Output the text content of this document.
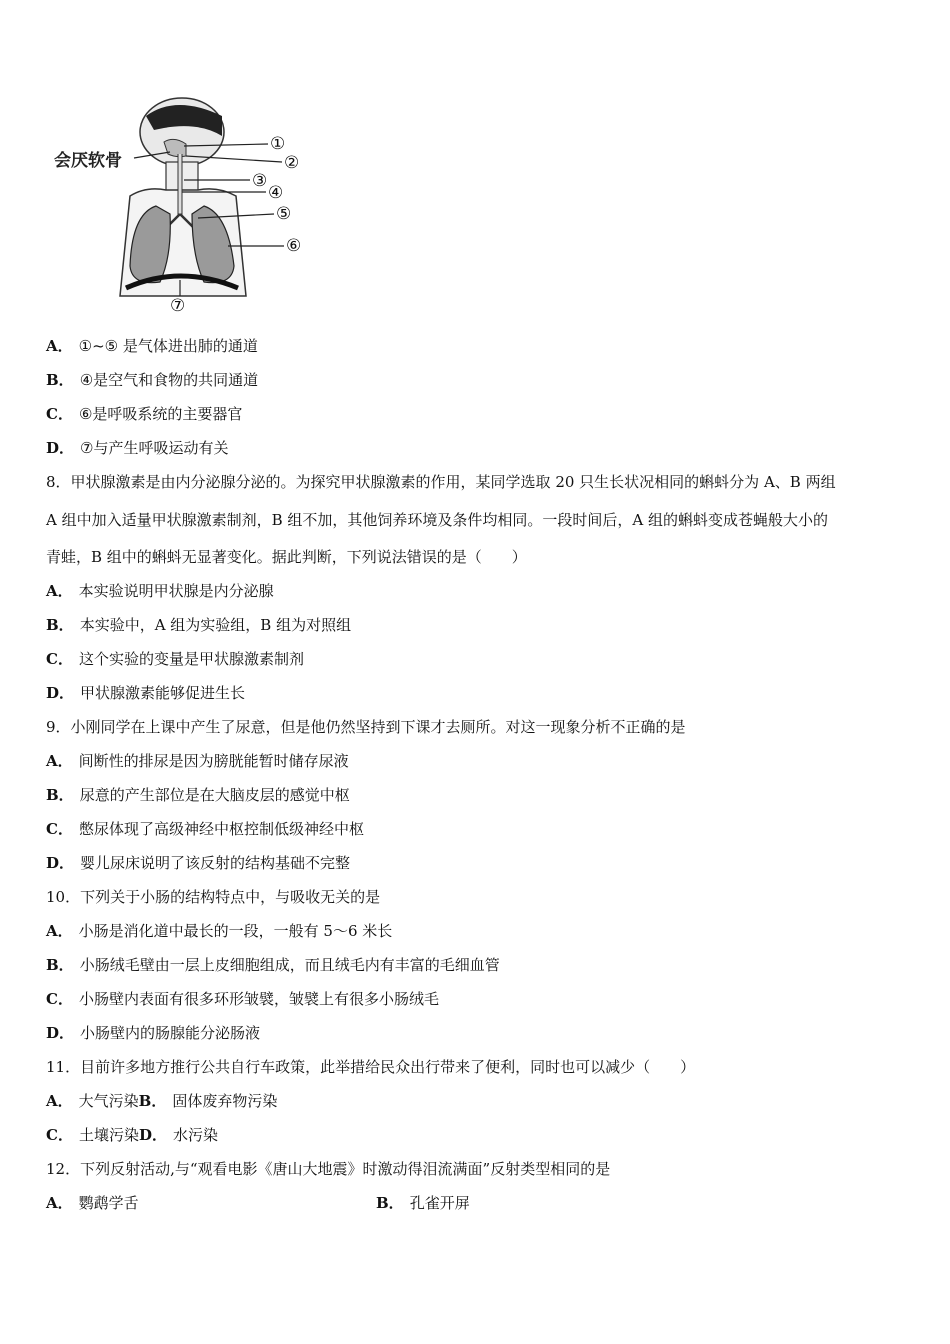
会厌软骨
①
②
③
④
⑤
⑥
⑦
A． ①~⑤ 是气体进出肺的通道
B． ④是空气和食物的共同通道
C． ⑥是呼吸系统的主要器官
D． ⑦与产生呼吸运动有关
8．甲状腺激素是由内分泌腺分泌的。为探究甲状腺激素的作用，某同学选取 20 只生长状况相同的蝌蚪分为 A、B 两组
A 组中加入适量甲状腺激素制剂，B 组不加，其他饲养环境及条件均相同。一段时间后，A 组的蝌蚪变成苍蝇般大小的
青蛙，B 组中的蝌蚪无显著变化。据此判断，下列说法错误的是（　　）
A． 本实验说明甲状腺是内分泌腺
B． 本实验中，A 组为实验组，B 组为对照组
C． 这个实验的变量是甲状腺激素制剂
D． 甲状腺激素能够促进生长
9．小刚同学在上课中产生了尿意，但是他仍然坚持到下课才去厕所。对这一现象分析不正确的是
A． 间断性的排尿是因为膀胱能暂时储存尿液
B． 尿意的产生部位是在大脑皮层的感觉中枢
C． 憋尿体现了高级神经中枢控制低级神经中枢
D． 婴儿尿床说明了该反射的结构基础不完整
10．下列关于小肠的结构特点中，与吸收无关的是
A． 小肠是消化道中最长的一段，一般有 5～6 米长
B． 小肠绒毛壁由一层上皮细胞组成，而且绒毛内有丰富的毛细血管
C． 小肠壁内表面有很多环形皱襞，皱襞上有很多小肠绒毛
D． 小肠壁内的肠腺能分泌肠液
11．目前许多地方推行公共自行车政策，此举措给民众出行带来了便利，同时也可以减少（　　）
A． 大气污染B． 固体废弃物污染
C． 土壤污染D． 水污染
12．下列反射活动,与“观看电影《唐山大地震》时激动得泪流满面”反射类型相同的是
A． 鹦鹉学舌	B． 孔雀开屏
